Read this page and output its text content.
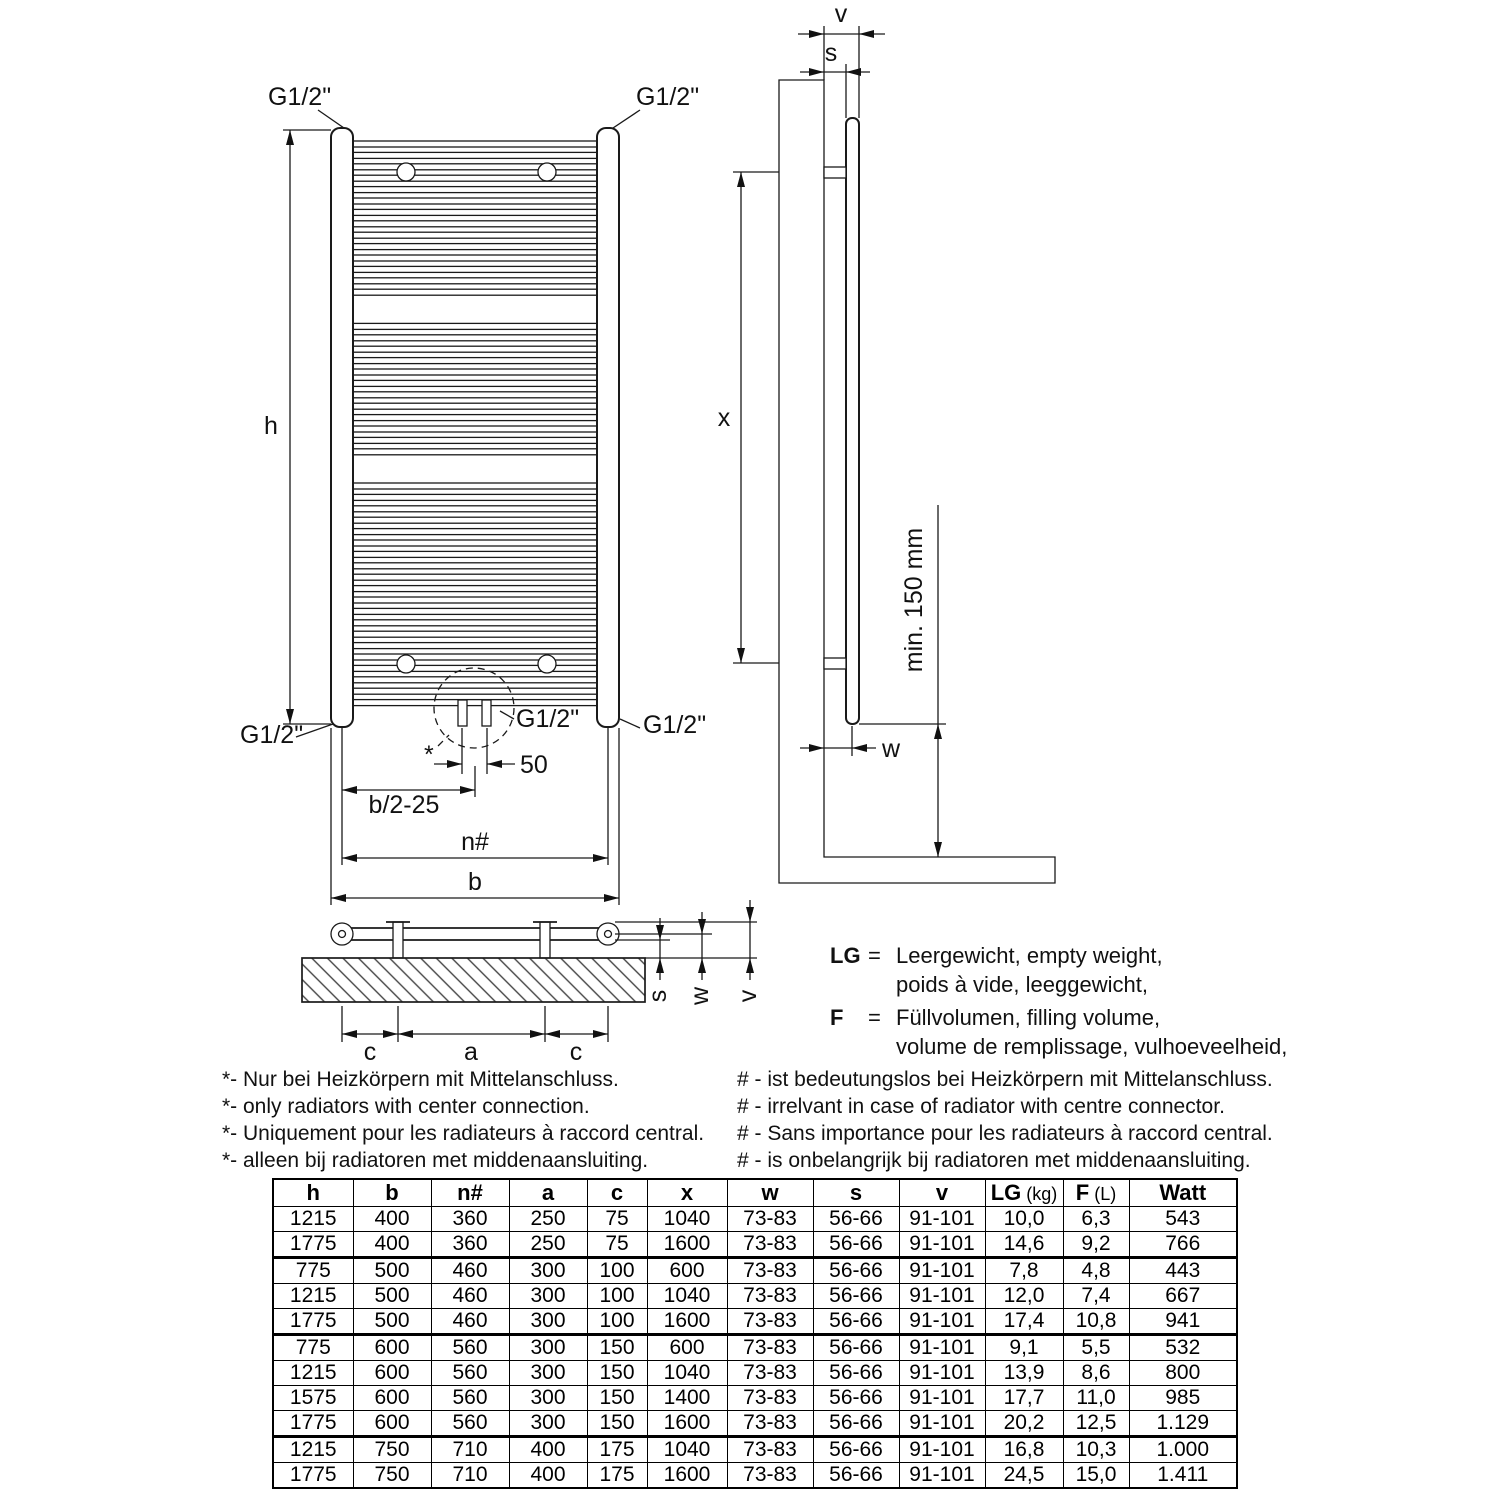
G1/2"	G1/2"
h
G1/2"
G1/2"	G1/2"
*	50
b/2-25
n#
b
v
s
x
min. 150 mm
w
s w v
c	a	c
LG = Leergewicht, empty weight,
poids à vide, leeggewicht,
F	= Füllvolumen, filling volume,
volume de remplissage, vulhoeveelheid,
*- Nur bei Heizkörpern mit Mittelanschluss.
*- only radiators with center connection.
*- Uniquement pour les radiateurs à raccord central.
*- alleen bij radiatoren met middenaansluiting.
# - ist bedeutungslos bei Heizkörpern mit Mittelanschluss.
# - irrelvant in case of radiator with centre connector.
# - Sans importance pour les radiateurs à raccord central.
# - is onbelangrijk bij radiatoren met middenaansluiting.
h	b	n#	a	c	x	w	s	v	LG (kg)	F (L)	Watt
1215	400	360	250	75	1040	73-83	56-66	91-101	10,0	6,3	543
1775	400	360	250	75	1600	73-83	56-66	91-101	14,6	9,2	766
775	500	460	300	100	600	73-83	56-66	91-101	7,8	4,8	443
1215	500	460	300	100	1040	73-83	56-66	91-101	12,0	7,4	667
1775	500	460	300	100	1600	73-83	56-66	91-101	17,4	10,8	941
775	600	560	300	150	600	73-83	56-66	91-101	9,1	5,5	532
1215	600	560	300	150	1040	73-83	56-66	91-101	13,9	8,6	800
1575	600	560	300	150	1400	73-83	56-66	91-101	17,7	11,0	985
1775	600	560	300	150	1600	73-83	56-66	91-101	20,2	12,5	1.129
1215	750	710	400	175	1040	73-83	56-66	91-101	16,8	10,3	1.000
1775	750	710	400	175	1600	73-83	56-66	91-101	24,5	15,0	1.411
